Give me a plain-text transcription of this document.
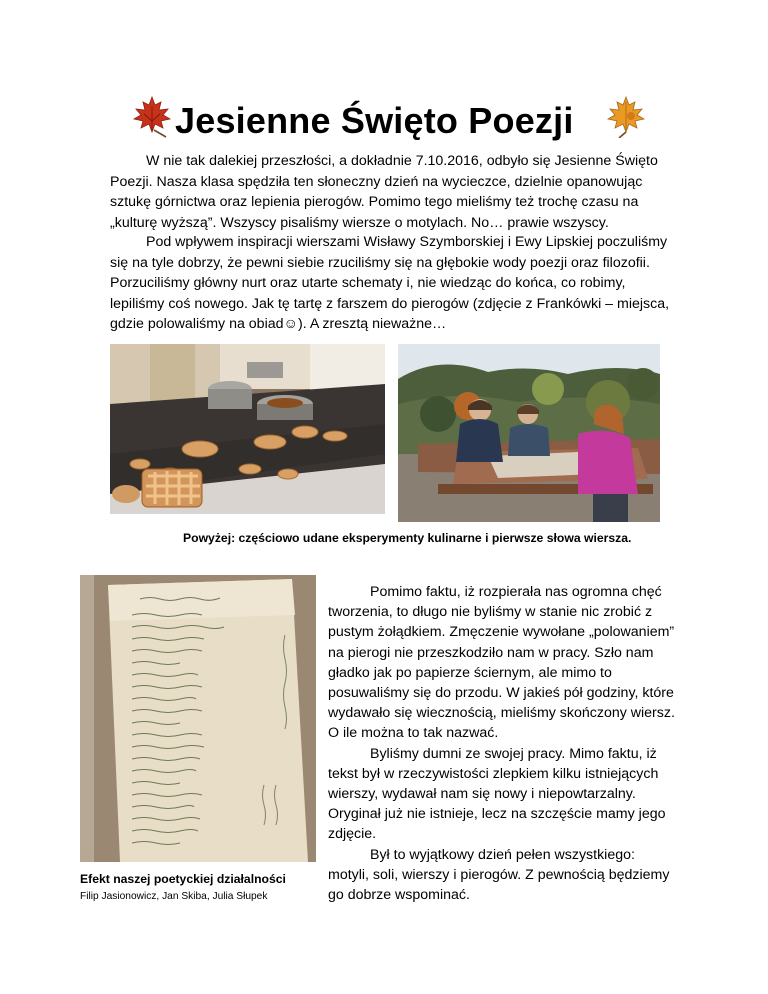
Jesienne Święto Poezji

W nie tak dalekiej przeszłości, a dokładnie 7.10.2016, odbyło się Jesienne Święto Poezji. Nasza klasa spędziła ten słoneczny dzień na wycieczce, dzielnie opanowując sztukę górnictwa oraz lepienia pierogów. Pomimo tego mieliśmy też trochę czasu na „kulturę wyższą”. Wszyscy pisaliśmy wiersze o motylach. No… prawie wszyscy.

Pod wpływem inspiracji wierszami Wisławy Szymborskiej i Ewy Lipskiej poczuliśmy się na tyle dobrzy, że pewni siebie rzuciliśmy się na głębokie wody poezji oraz filozofii. Porzuciliśmy główny nurt oraz utarte schematy i, nie wiedząc do końca, co robimy, lepiliśmy coś nowego. Jak tę tartę z farszem do pierogów (zdjęcie z Frankówki – miejsca, gdzie polowaliśmy na obiad☺). A zresztą nieważne…

Powyżej: częściowo udane eksperymenty kulinarne i pierwsze słowa wiersza.

Pomimo faktu, iż rozpierała nas ogromna chęć tworzenia, to długo nie byliśmy w stanie nic zrobić z pustym żołądkiem. Zmęczenie wywołane „polowaniem” na pierogi nie przeszkodziło nam w pracy. Szło nam gładko jak po papierze ściernym, ale mimo to posuwaliśmy się do przodu. W jakieś pół godziny, które wydawało się wiecznością, mieliśmy skończony wiersz. O ile można to tak nazwać.

Byliśmy dumni ze swojej pracy. Mimo faktu, iż tekst był w rzeczywistości zlepkiem kilku istniejących wierszy, wydawał nam się nowy i niepowtarzalny. Oryginał już nie istnieje, lecz na szczęście mamy jego zdjęcie.

Był to wyjątkowy dzień pełen wszystkiego: motyli, soli, wierszy i pierogów. Z pewnością będziemy go dobrze wspominać.

Efekt naszej poetyckiej działalności
Filip Jasionowicz, Jan Skiba, Julia Słupek
